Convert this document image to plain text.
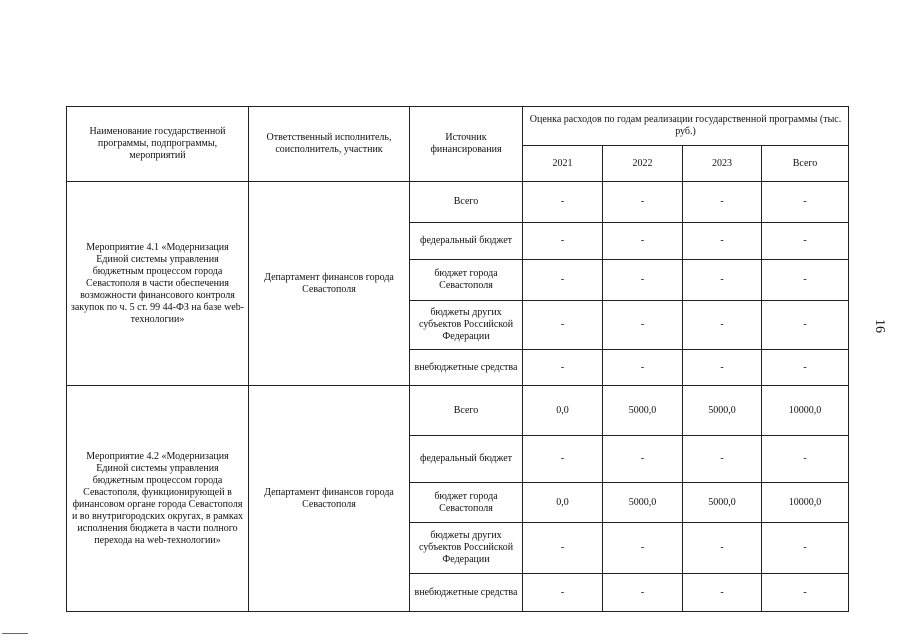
Наименование государственной программы, подпрограммы, мероприятий	Ответственный исполнитель, соисполнитель, участник	Источник финансирования	Оценка расходов по годам реализации государственной программы (тыс. руб.)			
			2021	2022	2023	Всего
Мероприятие 4.1 «Модернизация Единой системы управления бюджетным процессом города Севастополя в части обеспечения возможности финансового контроля закупок по ч. 5 ст. 99 44-ФЗ на базе web-технологии»	Департамент финансов города Севастополя	Всего	-	-	-	-
		федеральный бюджет	-	-	-	-
		бюджет города Севастополя	-	-	-	-
		бюджеты других субъектов Российской Федерации	-	-	-	-
		внебюджетные средства	-	-	-	-
Мероприятие 4.2 «Модернизация Единой системы управления бюджетным процессом города Севастополя, функционирующей в финансовом органе города Севастополя и во внутригородских округах, в рамках исполнения бюджета в части полного перехода на web-технологии»	Департамент финансов города Севастополя	Всего	0,0	5000,0	5000,0	10000,0
		федеральный бюджет	-	-	-	-
		бюджет города Севастополя	0,0	5000,0	5000,0	10000,0
		бюджеты других субъектов Российской Федерации	-	-	-	-
		внебюджетные средства	-	-	-	-
16
